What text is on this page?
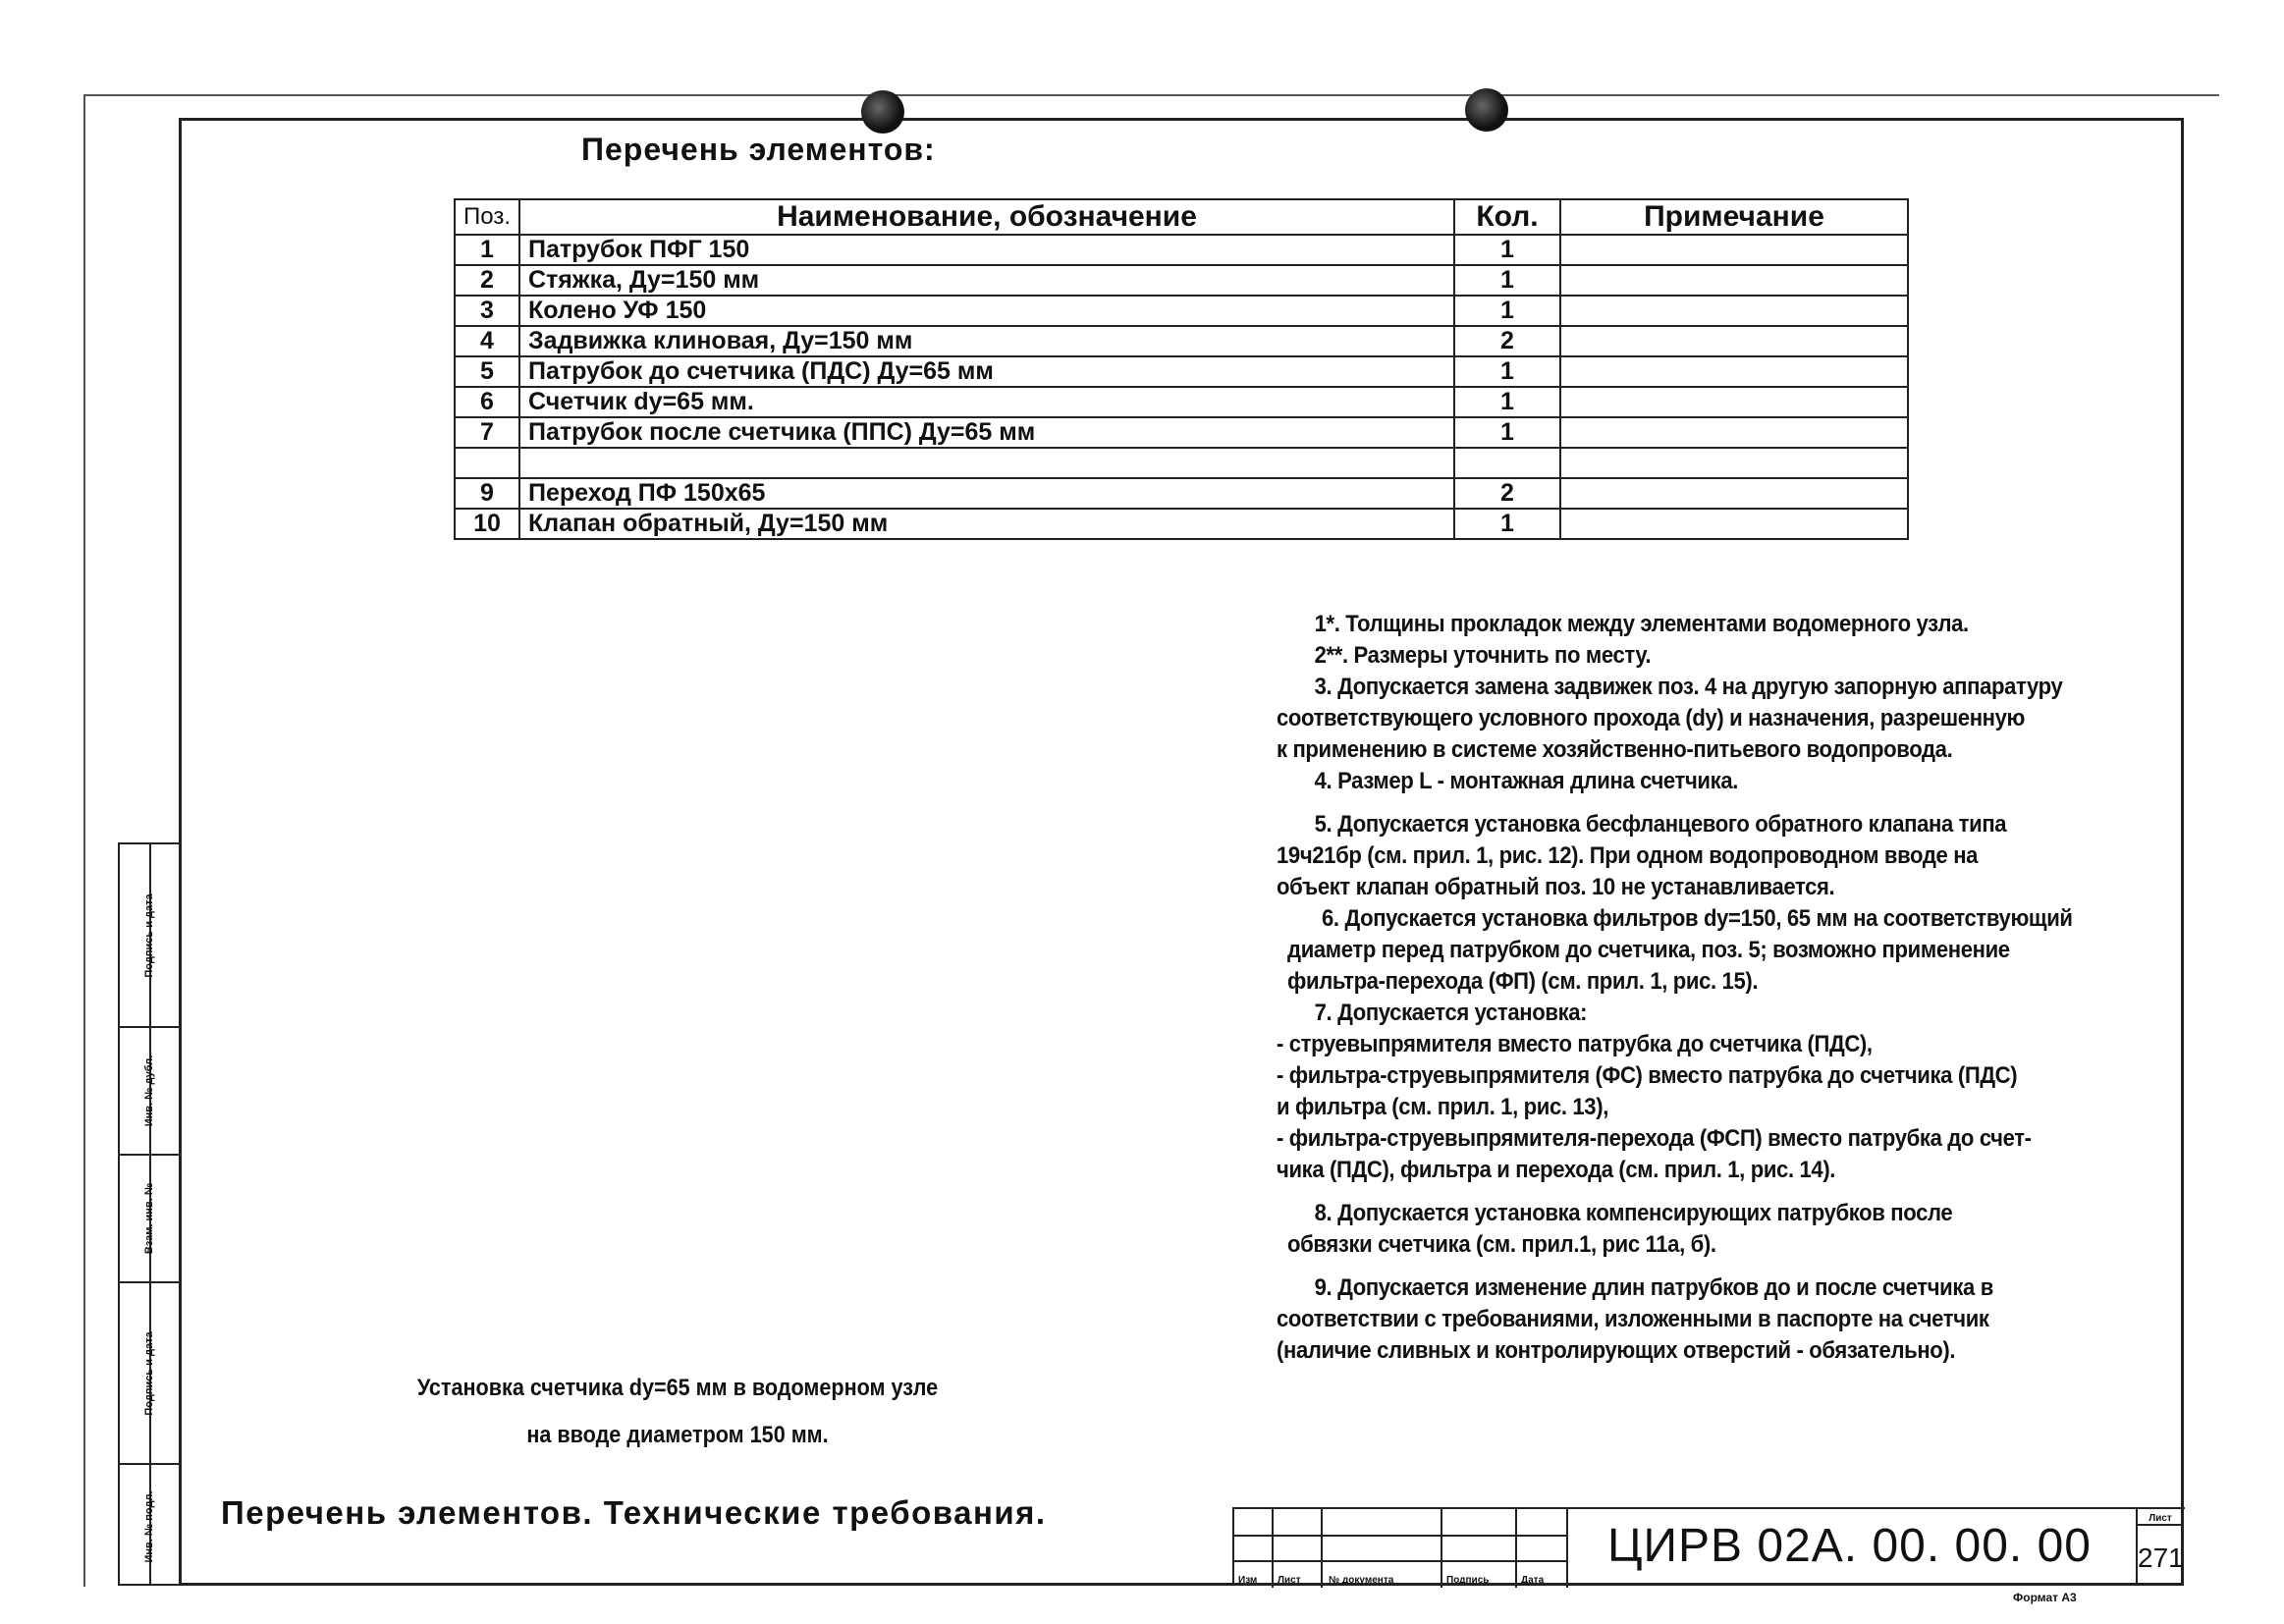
Перечень элементов:
Поз.	Наименование, обозначение	Кол.	Примечание
1	Патрубок ПФГ 150	1	
2	Стяжка, Ду=150 мм	1	
3	Колено УФ 150	1	
4	Задвижка клиновая, Ду=150 мм	2	
5	Патрубок до счетчика (ПДС) Ду=65 мм	1	
6	Счетчик dy=65 мм.	1	
7	Патрубок после счетчика (ППС) Ду=65 мм	1	

9	Переход ПФ 150х65	2	
10	Клапан обратный, Ду=150 мм	1	

1*. Толщины прокладок между элементами водомерного узла.

2**. Размеры уточнить по месту.

3. Допускается замена задвижек поз. 4 на другую запорную аппаратуру

соответствующего условного прохода (dy) и назначения, разрешенную

к применению в системе хозяйственно-питьевого водопровода.

4. Размер L - монтажная длина счетчика.

5. Допускается установка бесфланцевого обратного клапана типа

19ч21бр (см. прил. 1, рис. 12). При одном водопроводном вводе на

объект клапан обратный поз. 10 не устанавливается.

6. Допускается установка фильтров dy=150, 65 мм на соответствующий

диаметр перед патрубком до счетчика, поз. 5; возможно применение

фильтра-перехода (ФП) (см. прил. 1, рис. 15).

7. Допускается установка:

- струевыпрямителя вместо патрубка до счетчика (ПДС),

- фильтра-струевыпрямителя (ФС) вместо патрубка до счетчика (ПДС)

и фильтра (см. прил. 1, рис. 13),

- фильтра-струевыпрямителя-перехода (ФСП) вместо патрубка до счет-

чика (ПДС), фильтра и перехода (см. прил. 1, рис. 14).

8. Допускается установка компенсирующих патрубков после

обвязки счетчика (см. прил.1, рис 11а, б).

9. Допускается изменение длин патрубков до и после счетчика в

соответствии с требованиями, изложенными в паспорте на счетчик

(наличие сливных и контролирующих отверстий - обязательно).

Установка счетчика dy=65 мм в водомерном узле
на вводе диаметром 150 мм.
Перечень элементов. Технические требования.
Подпись и дата
Инв. № дубл.
Взам. инв. №
Подпись и дата
Инв. № подл.
Изм Лист	№ документа	Подпись	Дата
ЦИРВ 02А. 00. 00. 00
Лист
271
Формат А3
